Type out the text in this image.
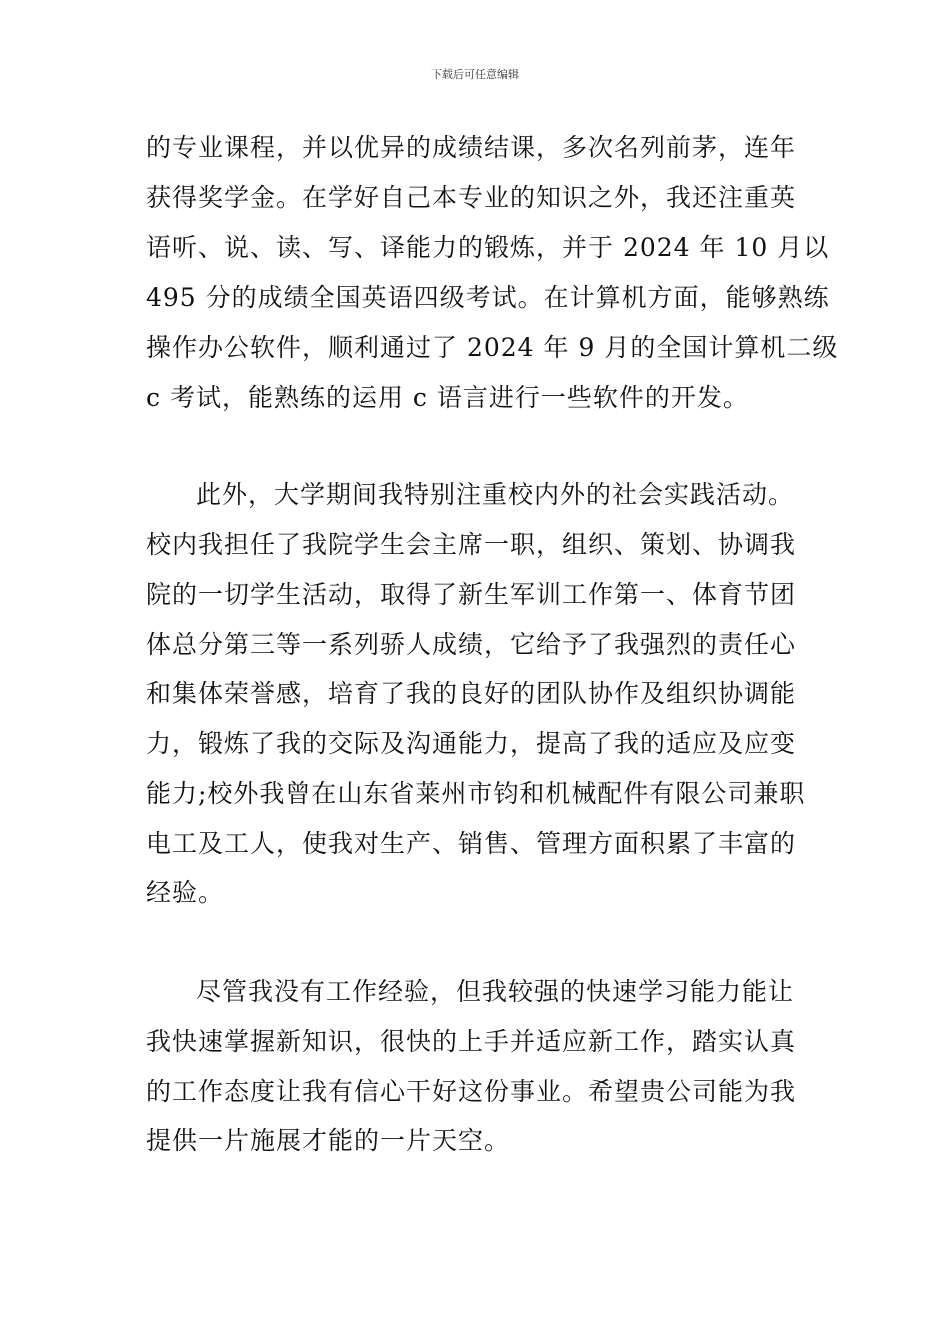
下载后可任意编辑
的专业课程，并以优异的成绩结课，多次名列前茅，连年
获得奖学金。在学好自己本专业的知识之外，我还注重英
语听、说、读、写、译能力的锻炼，并于 2024 年 10 月以
495 分的成绩全国英语四级考试。在计算机方面，能够熟练
操作办公软件，顺利通过了 2024 年 9 月的全国计算机二级
c 考试，能熟练的运用 c 语言进行一些软件的开发。
此外，大学期间我特别注重校内外的社会实践活动。
校内我担任了我院学生会主席一职，组织、策划、协调我
院的一切学生活动，取得了新生军训工作第一、体育节团
体总分第三等一系列骄人成绩，它给予了我强烈的责任心
和集体荣誉感，培育了我的良好的团队协作及组织协调能
力，锻炼了我的交际及沟通能力，提高了我的适应及应变
能力;校外我曾在山东省莱州市钧和机械配件有限公司兼职
电工及工人，使我对生产、销售、管理方面积累了丰富的
经验。
尽管我没有工作经验，但我较强的快速学习能力能让
我快速掌握新知识，很快的上手并适应新工作，踏实认真
的工作态度让我有信心干好这份事业。希望贵公司能为我
提供一片施展才能的一片天空。
